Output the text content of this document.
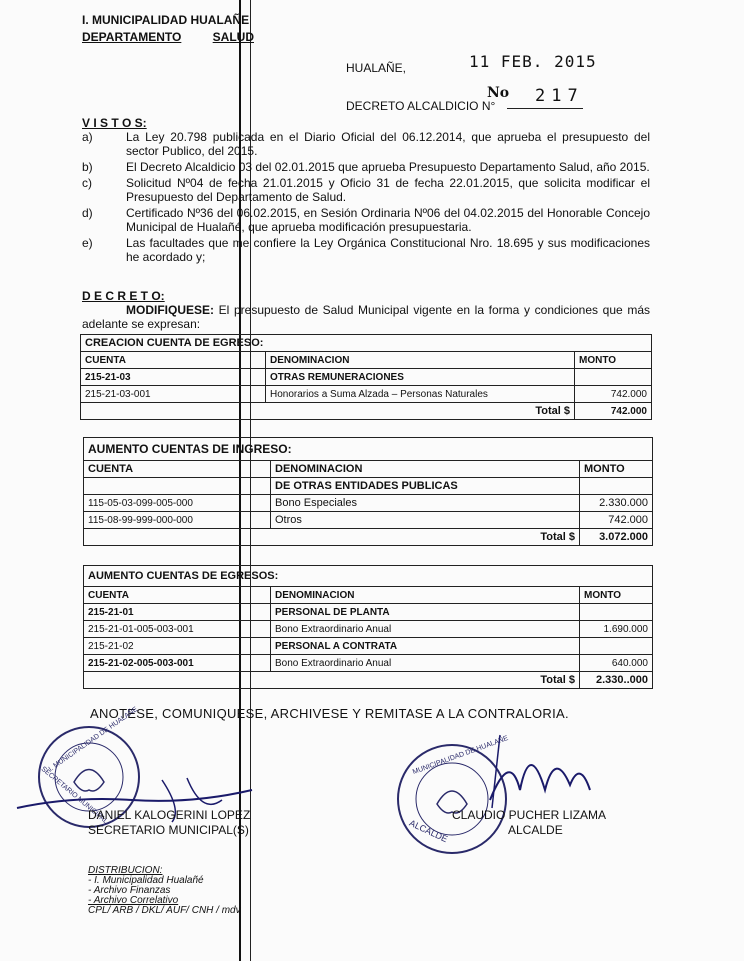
I. MUNICIPALIDAD HUALAÑE
DEPARTAMENTO	SALUD
HUALAÑE,	11 FEB. 2015
DECRETO ALCALDICIO N°
No 217
V I S T O S:
a)	La Ley 20.798 publicada en el Diario Oficial del 06.12.2014, que aprueba el presupuesto del sector Publico, del 2015.
b)	El Decreto Alcaldicio 03 del 02.01.2015 que aprueba Presupuesto Departamento Salud, año 2015.
c)	Solicitud Nº04 de fecha 21.01.2015 y Oficio 31 de fecha 22.01.2015, que solicita modificar el Presupuesto del Departamento de Salud.
d)	Certificado Nº36 del 06.02.2015, en Sesión Ordinaria Nº06 del 04.02.2015 del Honorable Concejo Municipal de Hualañé, que aprueba modificación presupuestaria.
e)	Las facultades que me confiere la Ley Orgánica Constitucional Nro. 18.695 y sus modificaciones he acordado y;
D E C R E T O:
MODIFIQUESE: El presupuesto de Salud Municipal vigente en la forma y condiciones que más adelante se expresan:
CREACION CUENTA DE EGRESO:		
CUENTA	DENOMINACION	MONTO
215-21-03	OTRAS REMUNERACIONES	
215-21-03-001	Honorarios a Suma Alzada – Personas Naturales	742.000
	Total $	742.000
AUMENTO CUENTAS DE INGRESO:		
CUENTA	DENOMINACION	MONTO
	DE OTRAS ENTIDADES PUBLICAS	
115-05-03-099-005-000	Bono Especiales	2.330.000
115-08-99-999-000-000	Otros	742.000
	Total $	3.072.000
AUMENTO CUENTAS DE EGRESOS:		
CUENTA	DENOMINACION	MONTO
215-21-01	PERSONAL DE PLANTA	
215-21-01-005-003-001	Bono Extraordinario Anual	1.690.000
215-21-02	PERSONAL A CONTRATA	
215-21-02-005-003-001	Bono Extraordinario Anual	640.000
	Total $	2.330..000
ANOTESE, COMUNIQUESE, ARCHIVESE Y REMITASE A LA CONTRALORIA.
I. MUNICIPALIDAD DE HUALAÑE
SECRETARIO MUNICIPAL
MUNICIPALIDAD DE HUALAÑE
ALCALDE
DANIEL KALOGERINI LOPEZ
SECRETARIO MUNICIPAL(S)
CLAUDIO PUCHER LIZAMA
ALCALDE
DISTRIBUCION:
- I. Municipalidad Hualañé
- Archivo Finanzas
- Archivo Correlativo
CPL/ ARB / DKL/ AUF/ CNH / mdv
